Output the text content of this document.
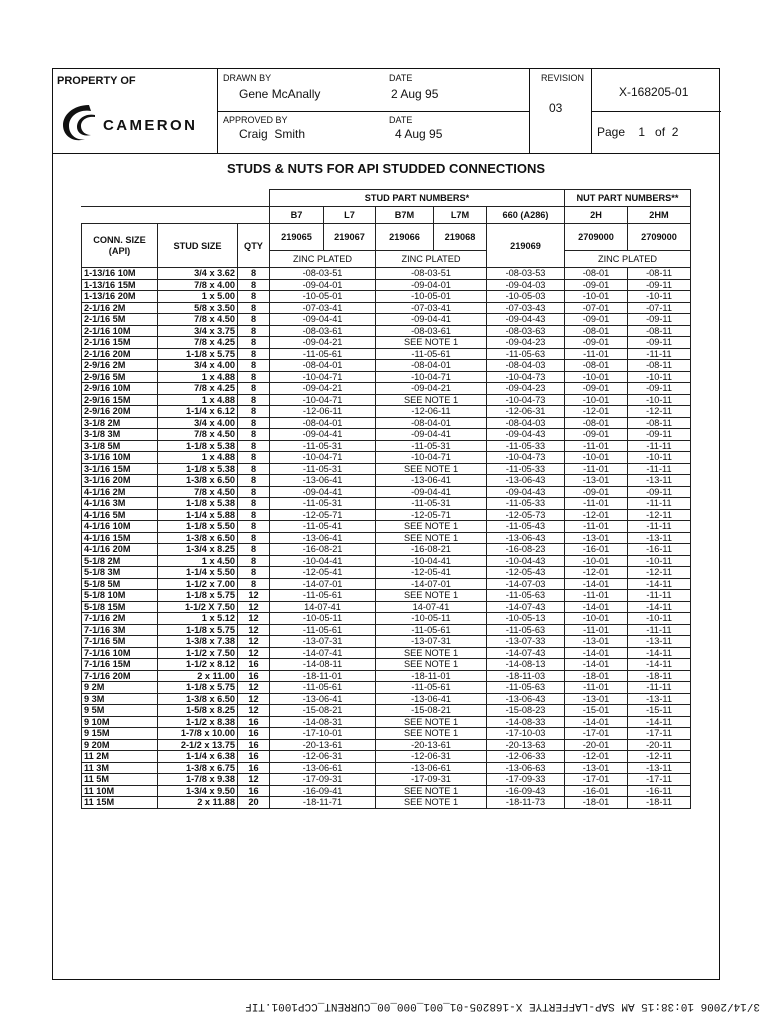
PROPERTY OF
CAMERON
DRAWN BY
Gene McAnally
DATE
2 Aug 95
REVISION
03
X-168205-01
APPROVED BY
Craig  Smith
DATE
4 Aug 95	Page    1   of  2
STUDS & NUTS FOR API STUDDED CONNECTIONS
			STUD PART NUMBERS*					NUT PART NUMBERS**	
			B7	L7	B7M	L7M	660 (A286)	2H	2HM
CONN. SIZE (API)	STUD SIZE	QTY	219065	219067	219066	219068	219069	2709000	2709000
			ZINC PLATED		ZINC PLATED			ZINC PLATED	
1-13/16 10M	3/4 x 3.62	8	-08-03-51		-08-03-51		-08-03-53	-08-01	-08-11
1-13/16 15M	7/8 x 4.00	8	-09-04-01		-09-04-01		-09-04-03	-09-01	-09-11
1-13/16 20M	1 x 5.00	8	-10-05-01		-10-05-01		-10-05-03	-10-01	-10-11
2-1/16 2M	5/8 x 3.50	8	-07-03-41		-07-03-41		-07-03-43	-07-01	-07-11
2-1/16 5M	7/8 x 4.50	8	-09-04-41		-09-04-41		-09-04-43	-09-01	-09-11
2-1/16 10M	3/4 x 3.75	8	-08-03-61		-08-03-61		-08-03-63	-08-01	-08-11
2-1/16 15M	7/8 x 4.25	8	-09-04-21		SEE NOTE 1		-09-04-23	-09-01	-09-11
2-1/16 20M	1-1/8 x 5.75	8	-11-05-61		-11-05-61		-11-05-63	-11-01	-11-11
2-9/16 2M	3/4 x 4.00	8	-08-04-01		-08-04-01		-08-04-03	-08-01	-08-11
2-9/16 5M	1 x 4.88	8	-10-04-71		-10-04-71		-10-04-73	-10-01	-10-11
2-9/16 10M	7/8 x 4.25	8	-09-04-21		-09-04-21		-09-04-23	-09-01	-09-11
2-9/16 15M	1 x 4.88	8	-10-04-71		SEE NOTE 1		-10-04-73	-10-01	-10-11
2-9/16 20M	1-1/4 x 6.12	8	-12-06-11		-12-06-11		-12-06-31	-12-01	-12-11
3-1/8 2M	3/4 x 4.00	8	-08-04-01		-08-04-01		-08-04-03	-08-01	-08-11
3-1/8 3M	7/8 x 4.50	8	-09-04-41		-09-04-41		-09-04-43	-09-01	-09-11
3-1/8 5M	1-1/8 x 5.38	8	-11-05-31		-11-05-31		-11-05-33	-11-01	-11-11
3-1/16 10M	1 x 4.88	8	-10-04-71		-10-04-71		-10-04-73	-10-01	-10-11
3-1/16 15M	1-1/8 x 5.38	8	-11-05-31		SEE NOTE 1		-11-05-33	-11-01	-11-11
3-1/16 20M	1-3/8 x 6.50	8	-13-06-41		-13-06-41		-13-06-43	-13-01	-13-11
4-1/16 2M	7/8 x 4.50	8	-09-04-41		-09-04-41		-09-04-43	-09-01	-09-11
4-1/16 3M	1-1/8 x 5.38	8	-11-05-31		-11-05-31		-11-05-33	-11-01	-11-11
4-1/16 5M	1-1/4 x 5.88	8	-12-05-71		-12-05-71		-12-05-73	-12-01	-12-11
4-1/16 10M	1-1/8 x 5.50	8	-11-05-41		SEE NOTE 1		-11-05-43	-11-01	-11-11
4-1/16 15M	1-3/8 x 6.50	8	-13-06-41		SEE NOTE 1		-13-06-43	-13-01	-13-11
4-1/16 20M	1-3/4 x 8.25	8	-16-08-21		-16-08-21		-16-08-23	-16-01	-16-11
5-1/8 2M	1 x 4.50	8	-10-04-41		-10-04-41		-10-04-43	-10-01	-10-11
5-1/8 3M	1-1/4 x 5.50	8	-12-05-41		-12-05-41		-12-05-43	-12-01	-12-11
5-1/8 5M	1-1/2 x 7.00	8	-14-07-01		-14-07-01		-14-07-03	-14-01	-14-11
5-1/8 10M	1-1/8 x 5.75	12	-11-05-61		SEE NOTE 1		-11-05-63	-11-01	-11-11
5-1/8 15M	1-1/2 X 7.50	12	14-07-41		14-07-41		-14-07-43	-14-01	-14-11
7-1/16 2M	1 x 5.12	12	-10-05-11		-10-05-11		-10-05-13	-10-01	-10-11
7-1/16 3M	1-1/8 x 5.75	12	-11-05-61		-11-05-61		-11-05-63	-11-01	-11-11
7-1/16 5M	1-3/8 x 7.38	12	-13-07-31		-13-07-31		-13-07-33	-13-01	-13-11
7-1/16 10M	1-1/2 x 7.50	12	-14-07-41		SEE NOTE 1		-14-07-43	-14-01	-14-11
7-1/16 15M	1-1/2 x 8.12	16	-14-08-11		SEE NOTE 1		-14-08-13	-14-01	-14-11
7-1/16 20M	2 x 11.00	16	-18-11-01		-18-11-01		-18-11-03	-18-01	-18-11
9 2M	1-1/8 x 5.75	12	-11-05-61		-11-05-61		-11-05-63	-11-01	-11-11
9 3M	1-3/8 x 6.50	12	-13-06-41		-13-06-41		-13-06-43	-13-01	-13-11
9 5M	1-5/8 x 8.25	12	-15-08-21		-15-08-21		-15-08-23	-15-01	-15-11
9 10M	1-1/2 x 8.38	16	-14-08-31		SEE NOTE 1		-14-08-33	-14-01	-14-11
9 15M	1-7/8 x 10.00	16	-17-10-01		SEE NOTE 1		-17-10-03	-17-01	-17-11
9 20M	2-1/2 x 13.75	16	-20-13-61		-20-13-61		-20-13-63	-20-01	-20-11
11 2M	1-1/4 x 6.38	16	-12-06-31		-12-06-31		-12-06-33	-12-01	-12-11
11 3M	1-3/8 x 6.75	16	-13-06-61		-13-06-61		-13-06-63	-13-01	-13-11
11 5M	1-7/8 x 9.38	12	-17-09-31		-17-09-31		-17-09-33	-17-01	-17-11
11 10M	1-3/4 x 9.50	16	-16-09-41		SEE NOTE 1		-16-09-43	-16-01	-16-11
11 15M	2 x 11.88	20	-18-11-71		SEE NOTE 1		-18-11-73	-18-01	-18-11
3/14/2006 10:38:15 AM SAP-LAFFERTYE X-168205-01_001_000_00_CURRENT_CCP1001.TIF
